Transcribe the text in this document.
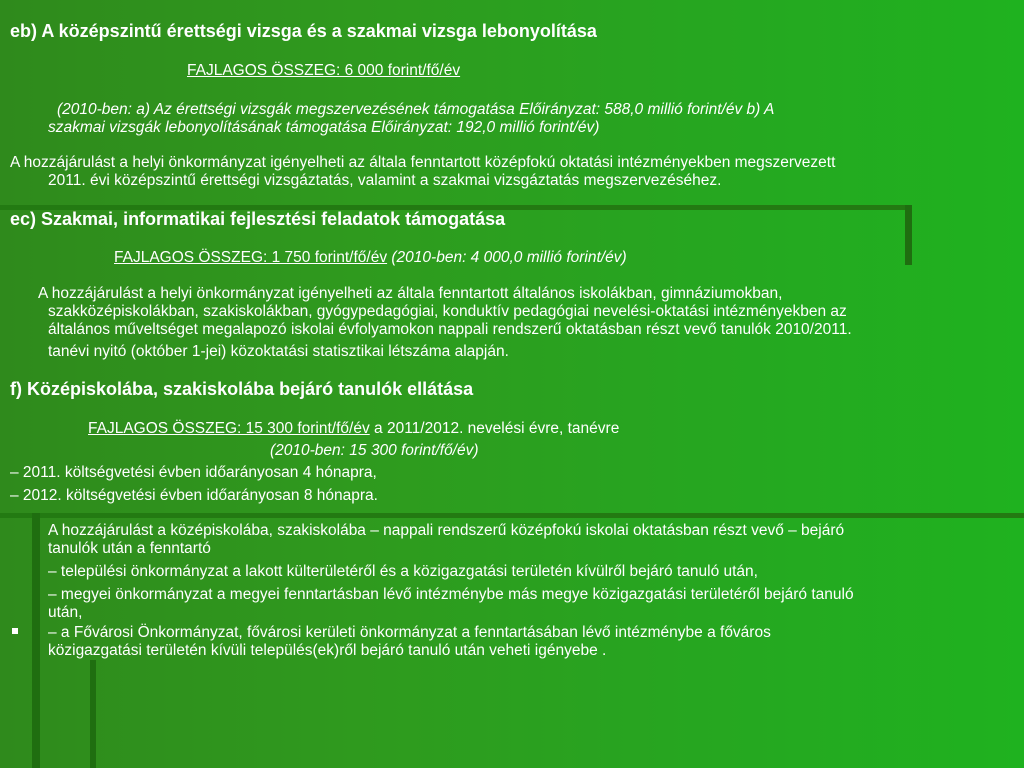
eb) A középszintű érettségi vizsga és a szakmai vizsga lebonyolítása
FAJLAGOS ÖSSZEG: 6 000 forint/fő/év
(2010-ben: a) Az érettségi vizsgák megszervezésének támogatása Előirányzat: 588,0 millió forint/év b) A
szakmai vizsgák lebonyolításának támogatása Előirányzat: 192,0 millió forint/év)
A hozzájárulást a helyi önkormányzat igényelheti az általa fenntartott középfokú oktatási intézményekben megszervezett
2011. évi középszintű érettségi vizsgáztatás, valamint a szakmai vizsgáztatás megszervezéséhez.
ec) Szakmai, informatikai fejlesztési feladatok támogatása
FAJLAGOS ÖSSZEG: 1 750 forint/fő/év (2010-ben: 4 000,0 millió forint/év)
A hozzájárulást a helyi önkormányzat igényelheti az általa fenntartott általános iskolákban, gimnáziumokban,
szakközépiskolákban, szakiskolákban, gyógypedagógiai, konduktív pedagógiai nevelési-oktatási intézményekben az
általános műveltséget megalapozó iskolai évfolyamokon nappali rendszerű oktatásban részt vevő tanulók 2010/2011.
tanévi nyitó (október 1-jei) közoktatási statisztikai létszáma alapján.
f) Középiskolába, szakiskolába bejáró tanulók ellátása
FAJLAGOS ÖSSZEG: 15 300 forint/fő/év a 2011/2012. nevelési évre, tanévre
(2010-ben: 15 300 forint/fő/év)
– 2011. költségvetési évben időarányosan 4 hónapra,
– 2012. költségvetési évben időarányosan 8 hónapra.
A hozzájárulást a középiskolába, szakiskolába – nappali rendszerű középfokú iskolai oktatásban részt vevő – bejáró
tanulók után a fenntartó
– települési önkormányzat a lakott külterületéről és a közigazgatási területén kívülről bejáró tanuló után,
– megyei önkormányzat a megyei fenntartásban lévő intézménybe más megye közigazgatási területéről bejáró tanuló
után,
– a Fővárosi Önkormányzat, fővárosi kerületi önkormányzat a fenntartásában lévő intézménybe a főváros
közigazgatási területén kívüli település(ek)ről bejáró tanuló után veheti igényebe .
